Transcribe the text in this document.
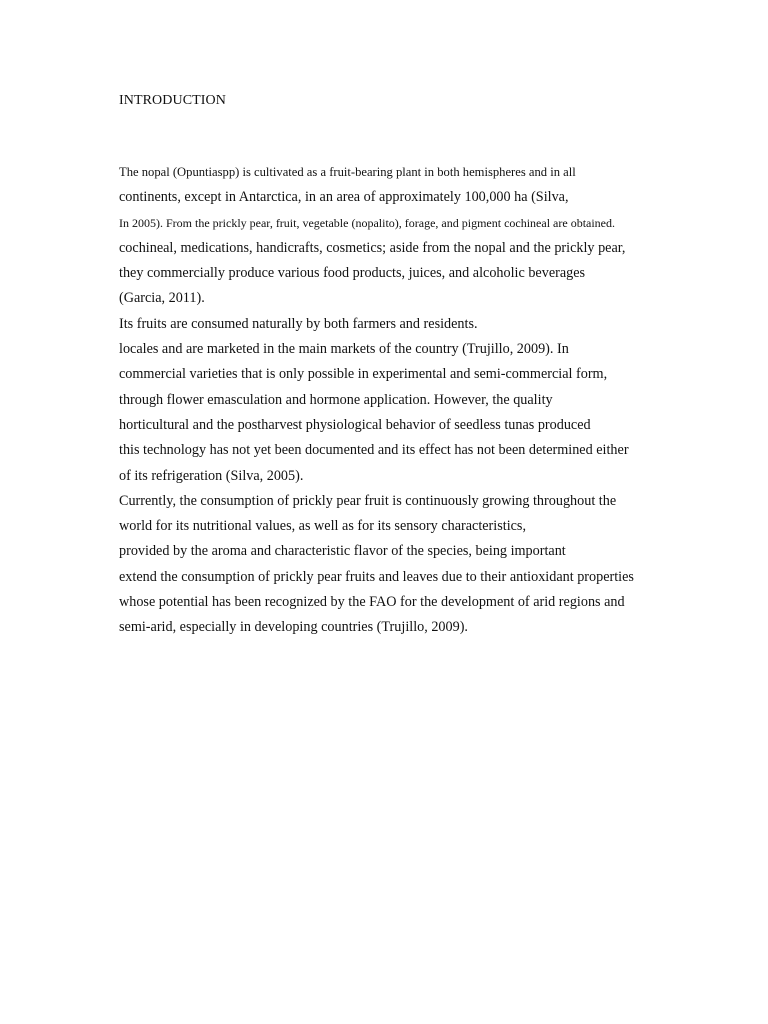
INTRODUCTION
The nopal (Opuntiaspp) is cultivated as a fruit-bearing plant in both hemispheres and in all
continents, except in Antarctica, in an area of approximately 100,000 ha (Silva,
In 2005). From the prickly pear, fruit, vegetable (nopalito), forage, and pigment cochineal are obtained.
cochineal, medications, handicrafts, cosmetics; aside from the nopal and the prickly pear,
they commercially produce various food products, juices, and alcoholic beverages
(Garcia, 2011).
Its fruits are consumed naturally by both farmers and residents.
locales and are marketed in the main markets of the country (Trujillo, 2009). In
commercial varieties that is only possible in experimental and semi-commercial form,
through flower emasculation and hormone application. However, the quality
horticultural and the postharvest physiological behavior of seedless tunas produced
this technology has not yet been documented and its effect has not been determined either
of its refrigeration (Silva, 2005).
Currently, the consumption of prickly pear fruit is continuously growing throughout the
world for its nutritional values, as well as for its sensory characteristics,
provided by the aroma and characteristic flavor of the species, being important
extend the consumption of prickly pear fruits and leaves due to their antioxidant properties
whose potential has been recognized by the FAO for the development of arid regions and
semi-arid, especially in developing countries (Trujillo, 2009).
